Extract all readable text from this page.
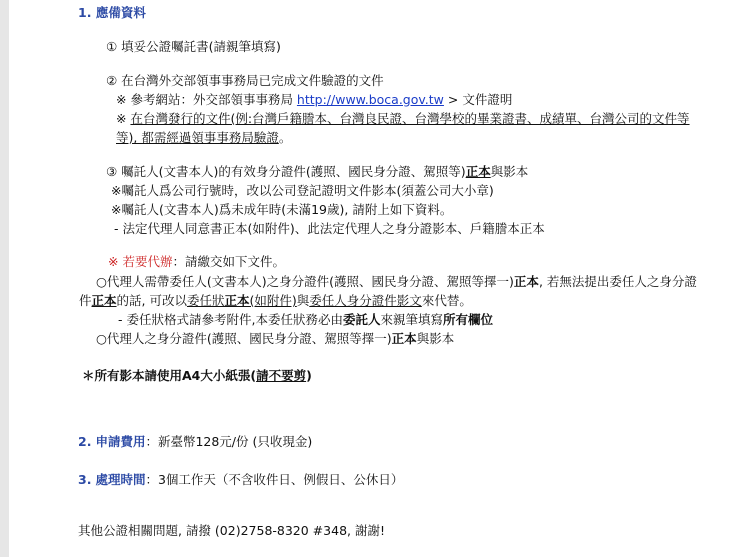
1. 應備資料
① 填妥公證囑託書(請親筆填寫)
② 在台灣外交部領事事務局已完成文件驗證的文件
※ 參考網站：外交部領事事務局 http://www.boca.gov.tw > 文件證明
※ 在台灣發行的文件(例:台灣戶籍謄本、台灣良民證、台灣學校的畢業證書、成績單、台灣公司的文件等
等), 都需經過領事事務局驗證。
③ 囑託人(文書本人)的有效身分證件(護照、國民身分證、駕照等)正本與影本
※囑託人爲公司行號時，改以公司登記證明文件影本(須蓋公司大小章)
※囑託人(文書本人)爲未成年時(未滿19歲), 請附上如下資料。
- 法定代理人同意書正本(如附件)、此法定代理人之身分證影本、戶籍謄本正本
※ 若要代辦：請繳交如下文件。
○代理人需帶委任人(文書本人)之身分證件(護照、國民身分證、駕照等擇一)正本, 若無法提出委任人之身分證
件正本的話, 可改以委任狀正本(如附件)與委任人身分證件影文來代替。
- 委任狀格式請參考附件,本委任狀務必由委託人來親筆填寫所有欄位
○代理人之身分證件(護照、國民身分證、駕照等擇一)正本與影本
＊所有影本請使用A4大小紙張(請不要剪)
2. 申請費用：新臺幣128元/份 (只收現金)
3. 處理時間：3個工作天（不含收件日、例假日、公休日）
其他公證相關問題, 請撥 (02)2758-8320 #348, 謝謝!
